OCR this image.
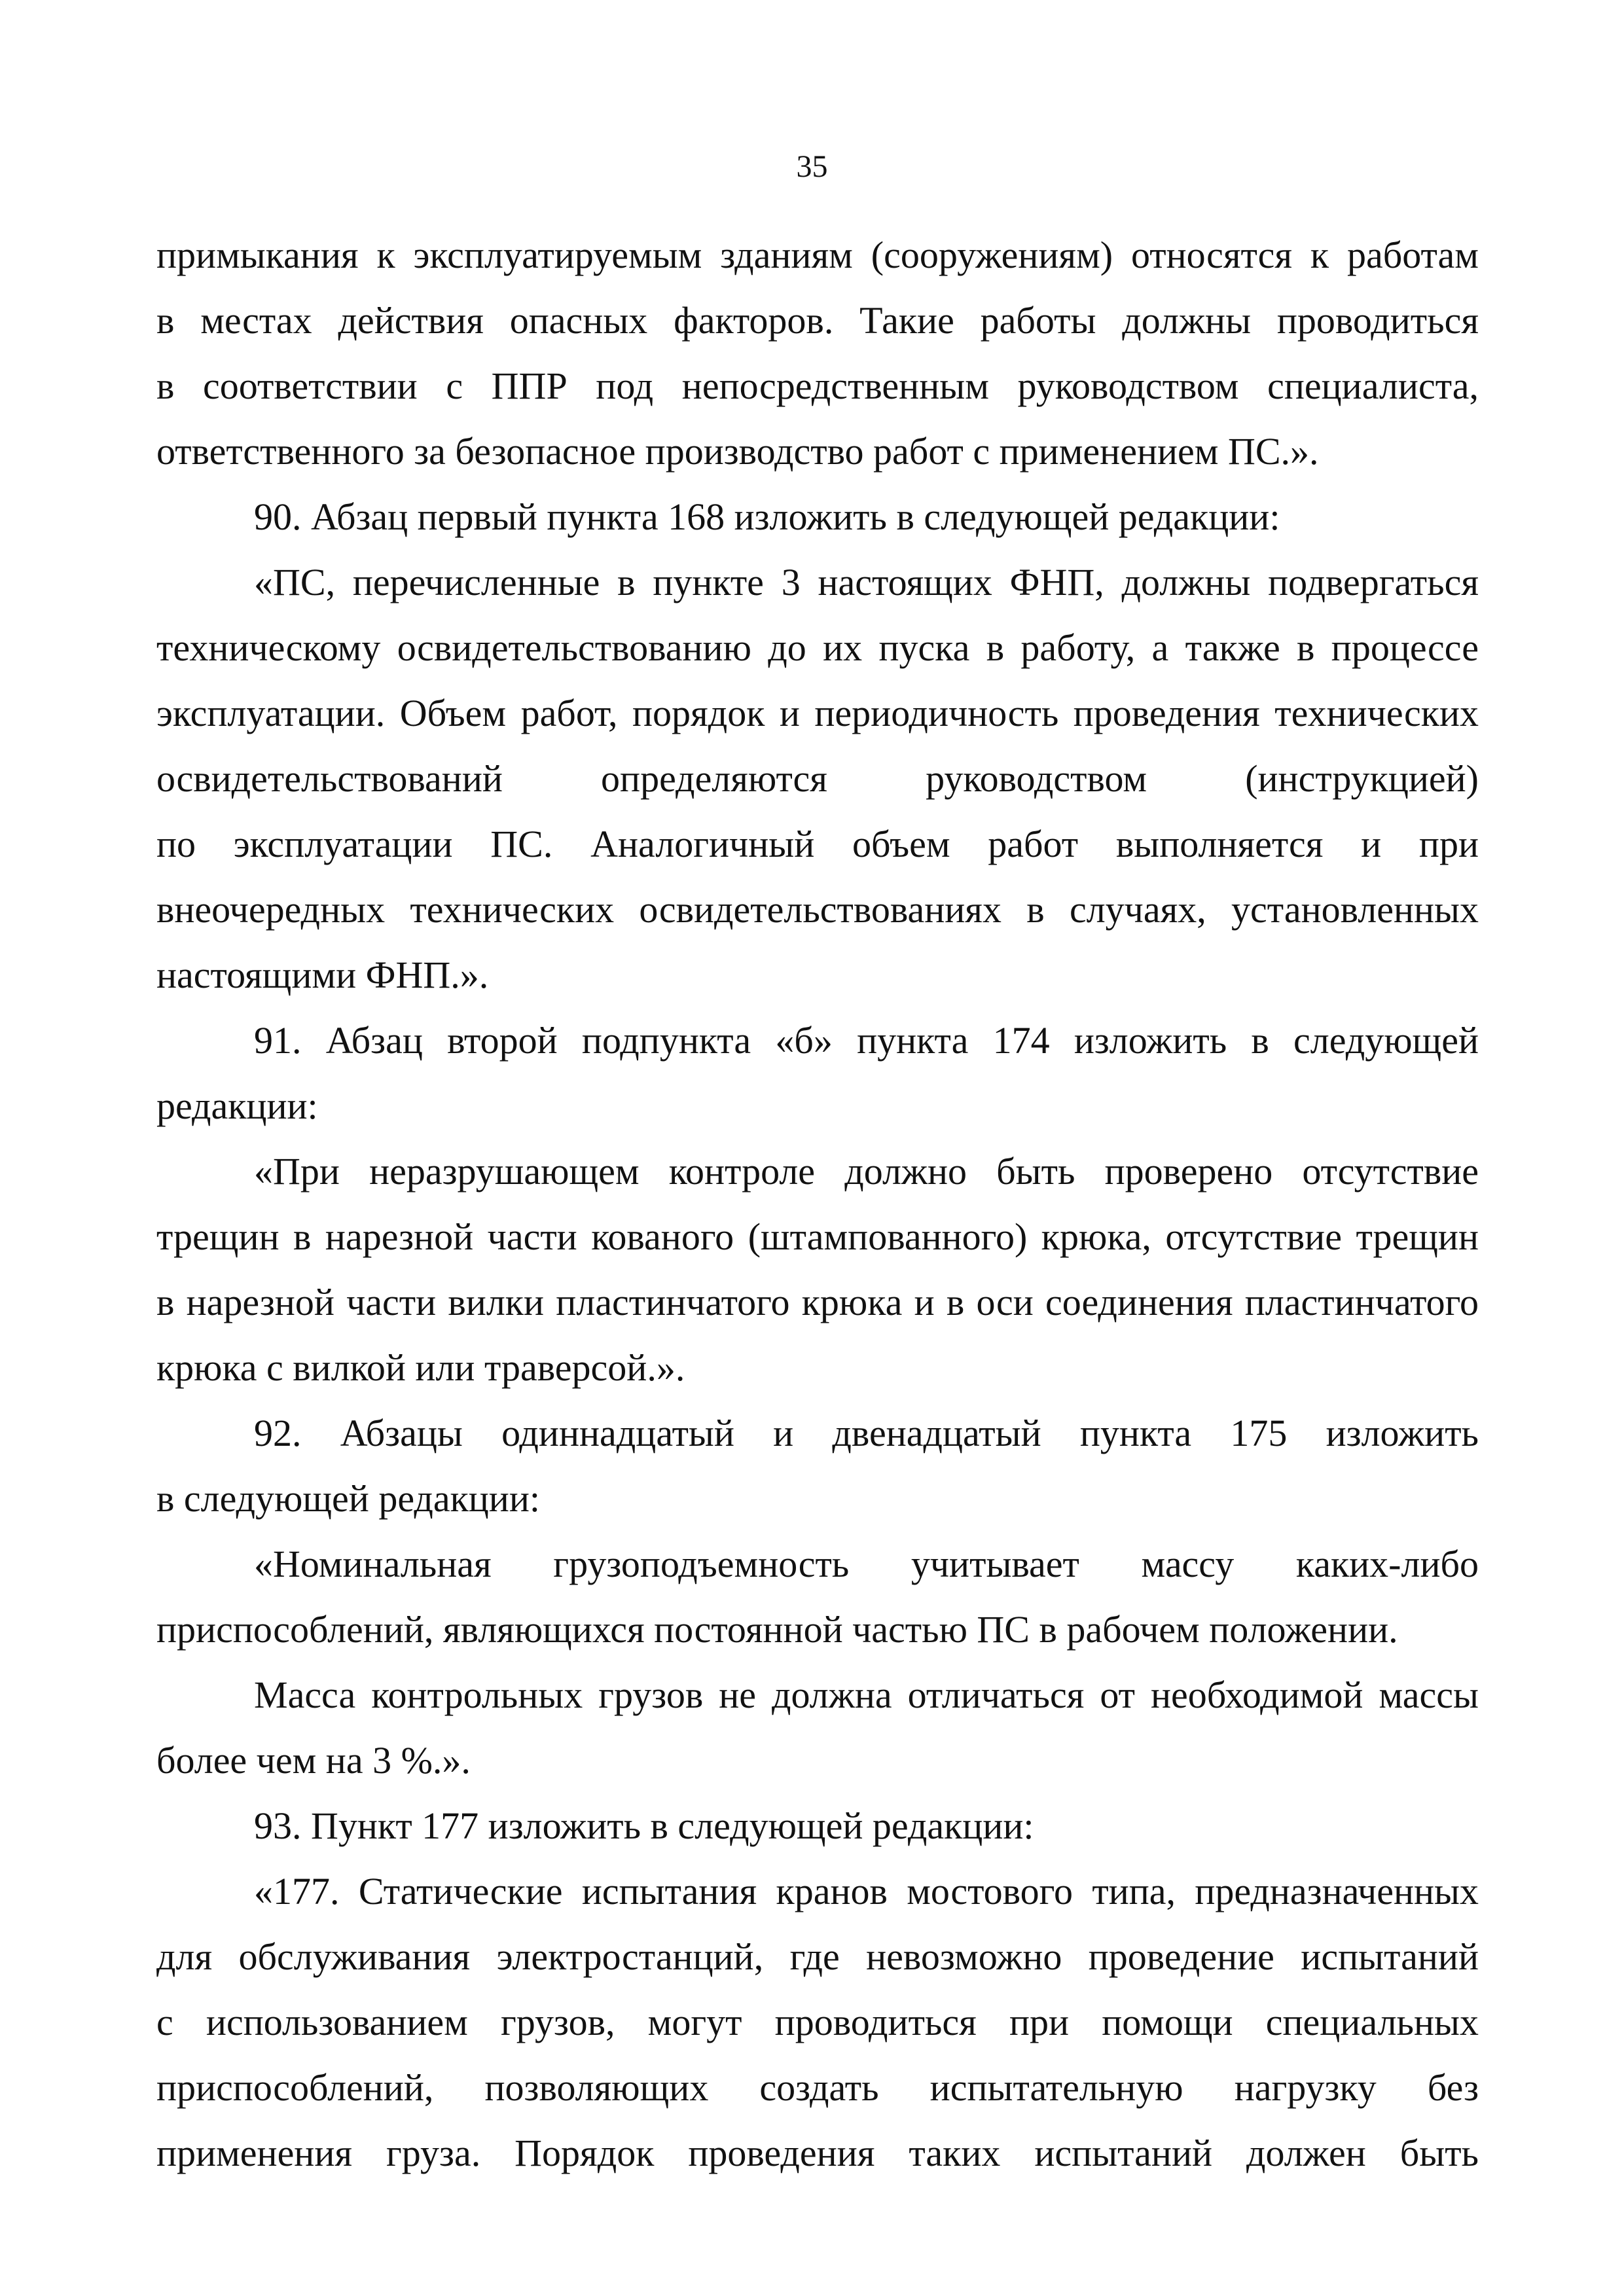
35
примыкания к эксплуатируемым зданиям (сооружениям) относятся к работам
в местах действия опасных факторов. Такие работы должны проводиться
в соответствии с ППР под непосредственным руководством специалиста,
ответственного за безопасное производство работ с применением ПС.».
90. Абзац первый пункта 168 изложить в следующей редакции:
«ПС, перечисленные в пункте 3 настоящих ФНП, должны подвергаться
техническому освидетельствованию до их пуска в работу, а также в процессе
эксплуатации. Объем работ, порядок и периодичность проведения технических
освидетельствований определяются руководством (инструкцией)
по эксплуатации ПС. Аналогичный объем работ выполняется и при
внеочередных технических освидетельствованиях в случаях, установленных
настоящими ФНП.».
91. Абзац второй подпункта «б» пункта 174 изложить в следующей
редакции:
«При неразрушающем контроле должно быть проверено отсутствие
трещин в нарезной части кованого (штампованного) крюка, отсутствие трещин
в нарезной части вилки пластинчатого крюка и в оси соединения пластинчатого
крюка с вилкой или траверсой.».
92. Абзацы одиннадцатый и двенадцатый пункта 175 изложить
в следующей редакции:
«Номинальная грузоподъемность учитывает массу каких-либо
приспособлений, являющихся постоянной частью ПС в рабочем положении.
Масса контрольных грузов не должна отличаться от необходимой массы
более чем на 3 %.».
93. Пункт 177 изложить в следующей редакции:
«177. Статические испытания кранов мостового типа, предназначенных
для обслуживания электростанций, где невозможно проведение испытаний
с использованием грузов, могут проводиться при помощи специальных
приспособлений, позволяющих создать испытательную нагрузку без
применения груза. Порядок проведения таких испытаний должен быть
